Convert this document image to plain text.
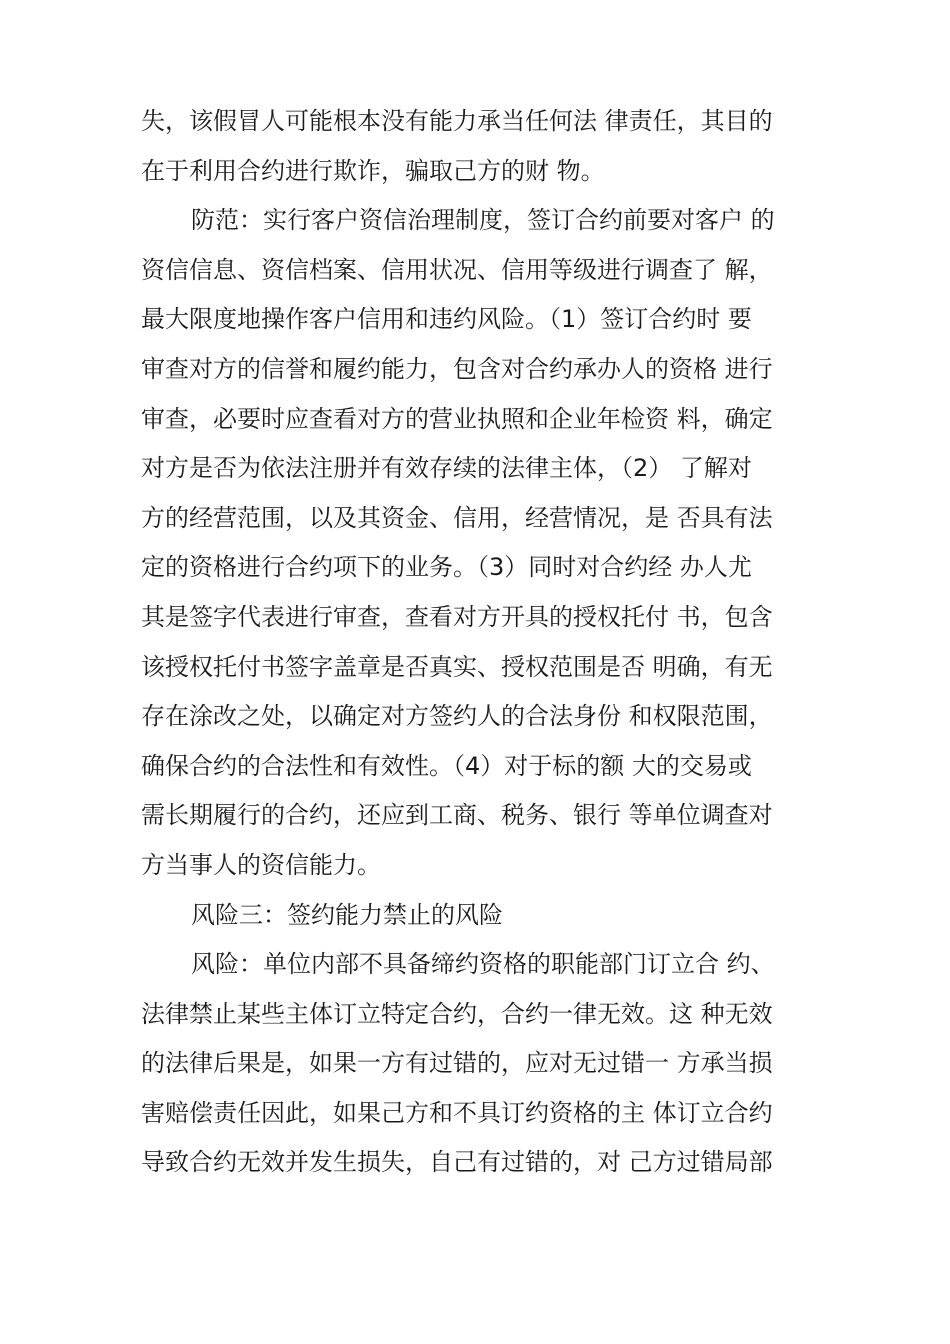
失，该假冒人可能根本没有能力承当任何法 律责任，其目的
在于利用合约进行欺诈，骗取己方的财 物。
防范：实行客户资信治理制度，签订合约前要对客户 的
资信信息、资信档案、信用状况、信用等级进行调查了 解，
最大限度地操作客户信用和违约风险。（1）签订合约时 要
审查对方的信誉和履约能力，包含对合约承办人的资格 进行
审查，必要时应查看对方的营业执照和企业年检资 料，确定
对方是否为依法注册并有效存续的法律主体，（2） 了解对
方的经营范围，以及其资金、信用，经营情况，是 否具有法
定的资格进行合约项下的业务。（3）同时对合约经 办人尤
其是签字代表进行审查，查看对方开具的授权托付 书，包含
该授权托付书签字盖章是否真实、授权范围是否 明确，有无
存在涂改之处，以确定对方签约人的合法身份 和权限范围，
确保合约的合法性和有效性。（4）对于标的额 大的交易或
需长期履行的合约，还应到工商、税务、银行 等单位调查对
方当事人的资信能力。
风险三：签约能力禁止的风险
风险：单位内部不具备缔约资格的职能部门订立合 约、
法律禁止某些主体订立特定合约，合约一律无效。这 种无效
的法律后果是，如果一方有过错的，应对无过错一 方承当损
害赔偿责任因此，如果己方和不具订约资格的主 体订立合约
导致合约无效并发生损失，自己有过错的，对 己方过错局部
